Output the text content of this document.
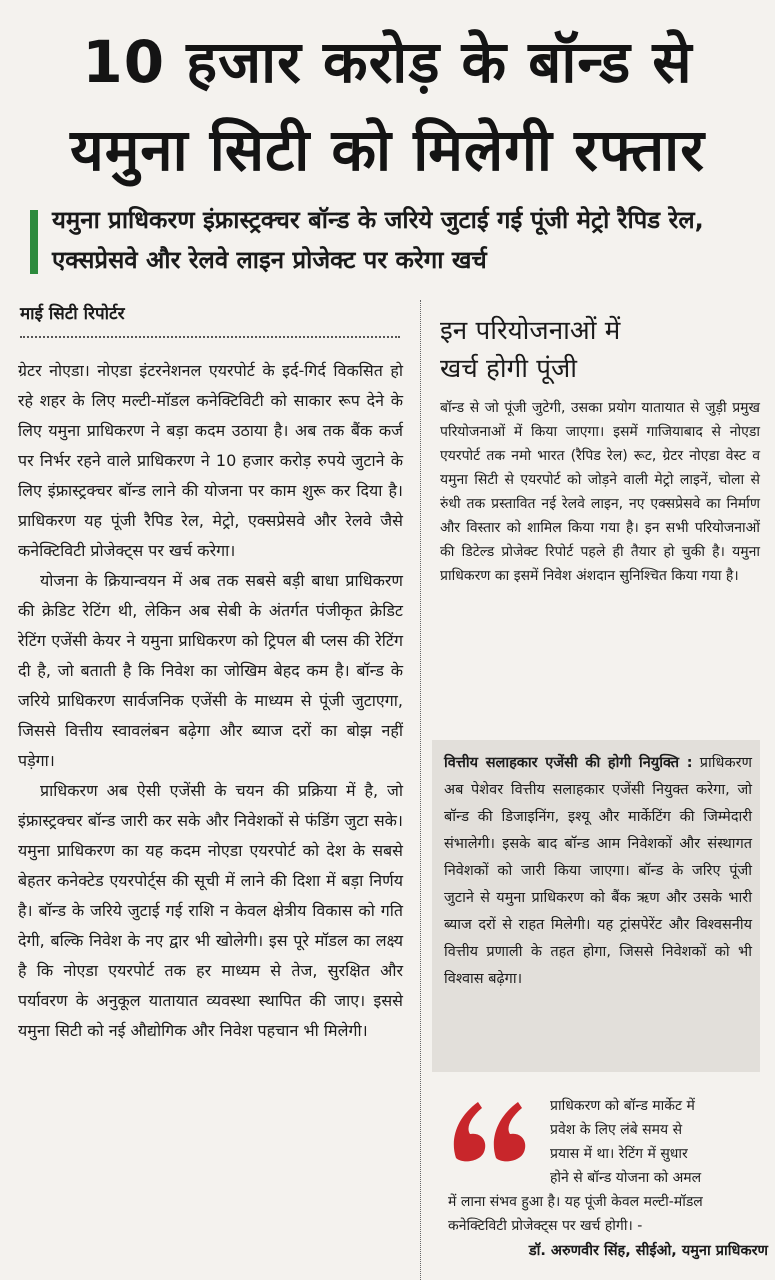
10 हजार करोड़ के बॉन्ड से
यमुना सिटी को मिलेगी रफ्तार
यमुना प्राधिकरण इंफ्रास्ट्रक्चर बॉन्ड के जरिये जुटाई गई पूंजी मेट्रो रैपिड रेल, एक्सप्रेसवे और रेलवे लाइन प्रोजेक्ट पर करेगा खर्च
माई सिटी रिपोर्टर

ग्रेटर नोएडा। नोएडा इंटरनेशनल एयरपोर्ट के इर्द-गिर्द विकसित हो रहे शहर के लिए मल्टी-मॉडल कनेक्टिविटी को साकार रूप देने के लिए यमुना प्राधिकरण ने बड़ा कदम उठाया है। अब तक बैंक कर्ज पर निर्भर रहने वाले प्राधिकरण ने 10 हजार करोड़ रुपये जुटाने के लिए इंफ्रास्ट्रक्चर बॉन्ड लाने की योजना पर काम शुरू कर दिया है। प्राधिकरण यह पूंजी रैपिड रेल, मेट्रो, एक्सप्रेसवे और रेलवे जैसे कनेक्टिविटी प्रोजेक्ट्स पर खर्च करेगा।

योजना के क्रियान्वयन में अब तक सबसे बड़ी बाधा प्राधिकरण की क्रेडिट रेटिंग थी, लेकिन अब सेबी के अंतर्गत पंजीकृत क्रेडिट रेटिंग एजेंसी केयर ने यमुना प्राधिकरण को ट्रिपल बी प्लस की रेटिंग दी है, जो बताती है कि निवेश का जोखिम बेहद कम है। बॉन्ड के जरिये प्राधिकरण सार्वजनिक एजेंसी के माध्यम से पूंजी जुटाएगा, जिससे वित्तीय स्वावलंबन बढ़ेगा और ब्याज दरों का बोझ नहीं पड़ेगा।

प्राधिकरण अब ऐसी एजेंसी के चयन की प्रक्रिया में है, जो इंफ्रास्ट्रक्चर बॉन्ड जारी कर सके और निवेशकों से फंडिंग जुटा सके। यमुना प्राधिकरण का यह कदम नोएडा एयरपोर्ट को देश के सबसे बेहतर कनेक्टेड एयरपोर्ट्स की सूची में लाने की दिशा में बड़ा निर्णय है। बॉन्ड के जरिये जुटाई गई राशि न केवल क्षेत्रीय विकास को गति देगी, बल्कि निवेश के नए द्वार भी खोलेगी। इस पूरे मॉडल का लक्ष्य है कि नोएडा एयरपोर्ट तक हर माध्यम से तेज, सुरक्षित और पर्यावरण के अनुकूल यातायात व्यवस्था स्थापित की जाए। इससे यमुना सिटी को नई औद्योगिक और निवेश पहचान भी मिलेगी।

इन परियोजनाओं में
खर्च होगी पूंजी
बॉन्ड से जो पूंजी जुटेगी, उसका प्रयोग यातायात से जुड़ी प्रमुख परियोजनाओं में किया जाएगा। इसमें गाजियाबाद से नोएडा एयरपोर्ट तक नमो भारत (रैपिड रेल) रूट, ग्रेटर नोएडा वेस्ट व यमुना सिटी से एयरपोर्ट को जोड़ने वाली मेट्रो लाइनें, चोला से रुंधी तक प्रस्तावित नई रेलवे लाइन, नए एक्सप्रेसवे का निर्माण और विस्तार को शामिल किया गया है। इन सभी परियोजनाओं की डिटेल्ड प्रोजेक्ट रिपोर्ट पहले ही तैयार हो चुकी है। यमुना प्राधिकरण का इसमें निवेश अंशदान सुनिश्चित किया गया है।
वित्तीय सलाहकार एजेंसी की होगी नियुक्ति : प्राधिकरण अब पेशेवर वित्तीय सलाहकार एजेंसी नियुक्त करेगा, जो बॉन्ड की डिजाइनिंग, इश्यू और मार्केटिंग की जिम्मेदारी संभालेगी। इसके बाद बॉन्ड आम निवेशकों और संस्थागत निवेशकों को जारी किया जाएगा। बॉन्ड के जरिए पूंजी जुटाने से यमुना प्राधिकरण को बैंक ऋण और उसके भारी ब्याज दरों से राहत मिलेगी। यह ट्रांसपेरेंट और विश्वसनीय वित्तीय प्रणाली के तहत होगा, जिससे निवेशकों को भी विश्वास बढ़ेगा।
प्राधिकरण को बॉन्ड मार्केट में
प्रवेश के लिए लंबे समय से
प्रयास में था। रेटिंग में सुधार
होने से बॉन्ड योजना को अमल
में लाना संभव हुआ है। यह पूंजी केवल मल्टी-मॉडल कनेक्टिविटी प्रोजेक्ट्स पर खर्च होगी। -
डॉ. अरुणवीर सिंह, सीईओ, यमुना प्राधिकरण
